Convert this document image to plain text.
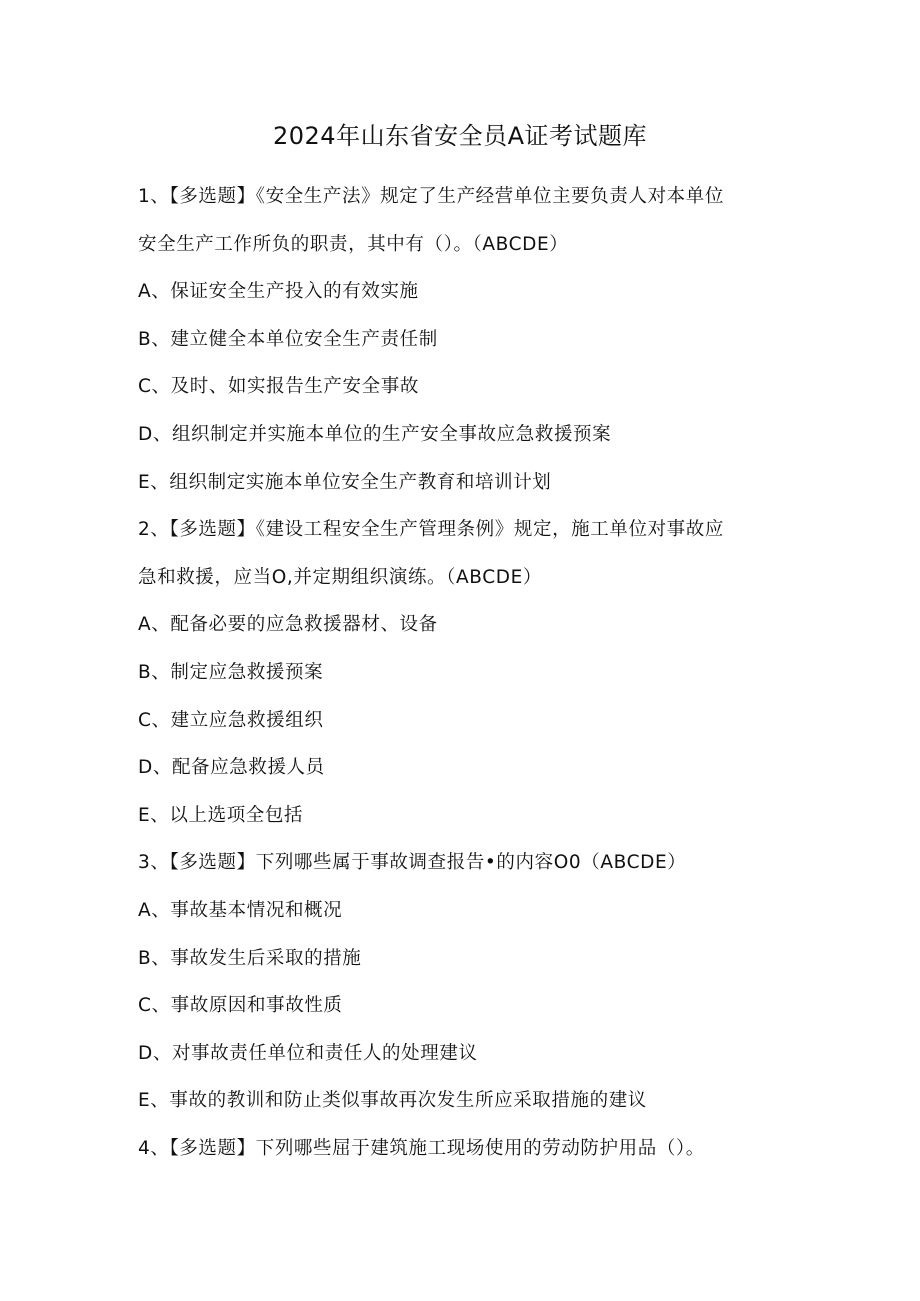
2024年山东省安全员A证考试题库
1、【多选题】《安全生产法》规定了生产经营单位主要负责人对本单位
安全生产工作所负的职责，其中有（）。（ABCDE）
A、保证安全生产投入的有效实施
B、建立健全本单位安全生产责任制
C、及时、如实报告生产安全事故
D、组织制定并实施本单位的生产安全事故应急救援预案
E、组织制定实施本单位安全生产教育和培训计划
2、【多选题】《建设工程安全生产管理条例》规定，施工单位对事故应
急和救援，应当O,并定期组织演练。（ABCDE）
A、配备必要的应急救援器材、设备
B、制定应急救援预案
C、建立应急救援组织
D、配备应急救援人员
E、以上选项全包括
3、【多选题】下列哪些属于事故调查报告•的内容O0（ABCDE）
A、事故基本情况和概况
B、事故发生后采取的措施
C、事故原因和事故性质
D、对事故责任单位和责任人的处理建议
E、事故的教训和防止类似事故再次发生所应采取措施的建议
4、【多选题】下列哪些屈于建筑施工现场使用的劳动防护用品（）。
